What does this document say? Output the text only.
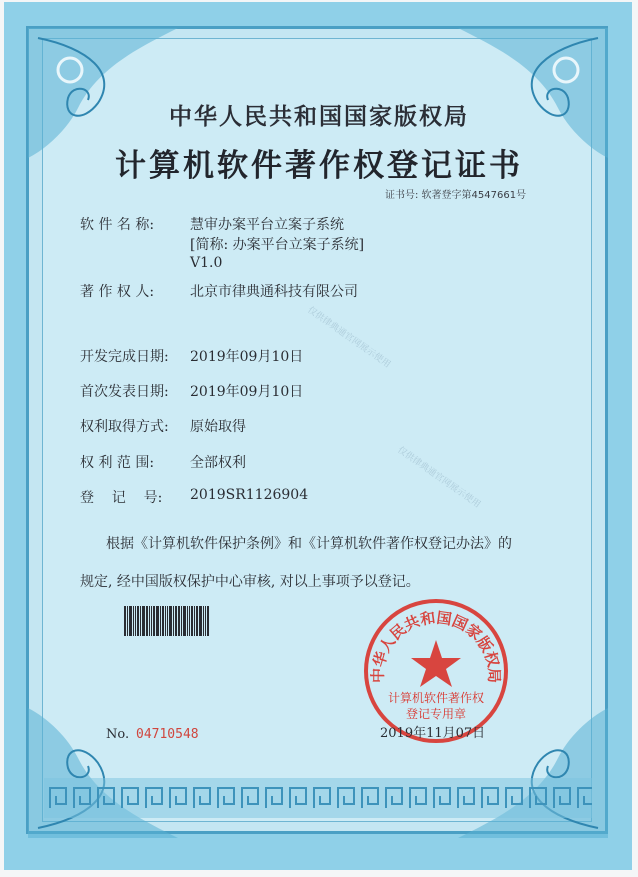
中华人民共和国国家版权局

计算机软件著作权登记证书

证书号: 软著登字第4547661号

软 件 名 称:	慧审办案平台立案子系统

[简称: 办案平台立案子系统]

V1.0

著 作 权 人:	北京市律典通科技有限公司

开发完成日期: 2019年09月10日

首次发表日期: 2019年09月10日

权利取得方式: 原始取得

权 利 范 围:	全部权利

登    记    号: 2019SR1126904

根据《计算机软件保护条例》和《计算机软件著作权登记办法》的

规定, 经中国版权保护中心审核, 对以上事项予以登记。

No. 04710548

中华人民共和国国家版权局
计算机软件著作权
登记专用章

2019年11月07日

仅供律典通官网展示使用
仅供律典通官网展示使用
